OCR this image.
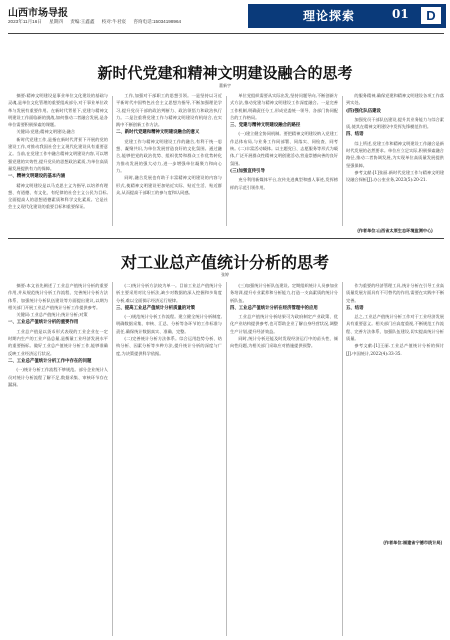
山西市场导报
2023年11月16日 星期四 责编:王鑫鑫 校对:牛君宸 咨询电话:15034198964	理论探索	01	D
新时代党建和精神文明建设融合的思考
董新宇

摘要:精神文明建设是事业单位文化建设的基础与灵魂,是单位文化管理的重要组成部分,对于事业单位改革与发展有重要作用。在新时代背景下,党建与精神文明建设工作面临新的挑战,如何推动二者融合发展,是各单位需要积极探索的课题。

关键词:党建;精神文明建设;融合

新时代党建工作,是指在新时代背景下开展的党的建设工作,对推动我国社会主义现代化建设具有重要意义。当前,在党建工作中融合精神文明建设内容,可以增强党建的实效性,提升党员的思想政治素质,为单位高质量发展提供有力的保障。

一、精神文明建设的基本内涵

精神文明建设是以马克思主义为指导,以培养有理想、有道德、有文化、有纪律的社会主义公民为目标,全面提高人的思想道德素质和科学文化素质。它是社会主义现代化建设的重要目标和重要保证。

工作,加强对干部职工的思想引领。一是坚持以习近平新时代中国特色社会主义思想为指导,不断加强理论学习,提升党员干部的政治判断力、政治领悟力和政治执行力。二是注重将党建工作与精神文明建设有机结合,在实践中不断创新工作方法。

二、新时代党建和精神文明建设融合的意义

党建工作与精神文明建设工作的融合,有利于统一思想、凝聚共识,为单位发展营造良好的文化氛围。通过融合,能够把党的政治优势、组织优势和群众工作优势转化为推动发展的强大动力,进一步增强单位凝聚力和向心力。

同时,融合发展也有助于丰富精神文明建设的内容与形式,使精神文明建设更加贴近实际、贴近生活、贴近群众,从而提高干部职工的参与度和认同感。

单位党组织需要从实际出发,坚持问题导向,不断创新方式方法,推动党建与精神文明建设工作深度融合。一是完善工作机制,明确责任分工,形成党委统一领导、各部门协同配合的工作格局。

三、党建与精神文明建设融合的路径

(一)建立健全协同机制。要把精神文明建设纳入党建工作总体布局,与业务工作同部署、同落实、同检查、同考核。(二)丰富活动载体。以主题党日、志愿服务等形式为载体,广泛开展群众性精神文明创建活动,营造崇德向善的良好氛围。

(三)加强宣传引导

充分利用新媒体平台,宣传先进典型和感人事迹,发挥榜样的示范引领作用。

的服务精神,确保党建和精神文明建设各项工作落到实处。

(四)强化队伍建设

加强党员干部队伍建设,提升其业务能力与综合素质,使其在精神文明建设中发挥先锋模范作用。

四、结语

综上所述,党建工作和精神文明建设工作融合是新时代发展的必然要求。单位应立足实际,积极探索融合路径,推动二者协调发展,为实现单位高质量发展提供坚强保障。

参考文献:[1]张丽.新时代党建工作与精神文明建设融合探析[J].办公室业务,2023(5):20-21.

(作者单位:山西省太原生态环境监测中心)
对工业总产值统计分析的思考
张婷

摘要:本文首先阐述了工业总产值统计分析的重要作用,并从规范统计分析工作流程、完善统计分析方法体系、加强统计分析队伍建设等方面提出建议,以期为相关部门开展工业总产值统计分析工作提供参考。

关键词:工业总产值统计;统计分析;对策

一、工业总产值统计分析的重要作用

工业总产值是以货币形式表现的工业企业在一定时期内生产的工业产品总量,是衡量工业经济发展水平的重要指标。做好工业总产值统计分析工作,能够准确反映工业经济运行状况。

二、工业总产值统计分析工作中存在的问题

(一)统计分析工作流程不够规范。部分企业统计人员对统计分析流程了解不足,数据采集、审核环节存在漏洞。

(二)统计分析方法较为单一。目前工业总产值统计分析主要采用对比分析法,缺少对数据的深入挖掘和多角度分析,难以全面揭示经济运行规律。

三、提高工业总产值统计分析质量的对策

(一)规范统计分析工作流程。建立健全统计分析制度,明确数据采集、审核、汇总、分析等各环节的工作标准与责任,确保统计数据真实、准确、完整。

(二)完善统计分析方法体系。综合运用趋势分析、结构分析、因素分析等多种方法,提升统计分析的深度与广度,为决策提供科学依据。

(三)加强统计分析队伍建设。定期组织统计人员参加业务培训,提升专业素养和分析能力,打造一支高素质的统计分析队伍。

四、工业总产值统计分析在经济管理中的应用

工业总产值统计分析结果可为政府制定产业政策、优化产业结构提供参考,也可帮助企业了解自身经营状况,调整生产计划,提升经济效益。

同时,统计分析还能及时发现经济运行中的苗头性、倾向性问题,为相关部门采取应对措施提供预警。

作为重要的经济管理工具,统计分析在引导工业高质量发展方面具有不可替代的作用,需要在实践中不断完善。

五、结语

总之,工业总产值统计分析工作对于工业经济发展具有重要意义。相关部门应高度重视,不断规范工作流程、完善方法体系、加强队伍建设,切实提高统计分析质量。

参考文献:[1]王丽.工业总产值统计分析的探讨[J].中国统计,2022(4):33-35.

(作者单位:福建省宁德市统计局)
